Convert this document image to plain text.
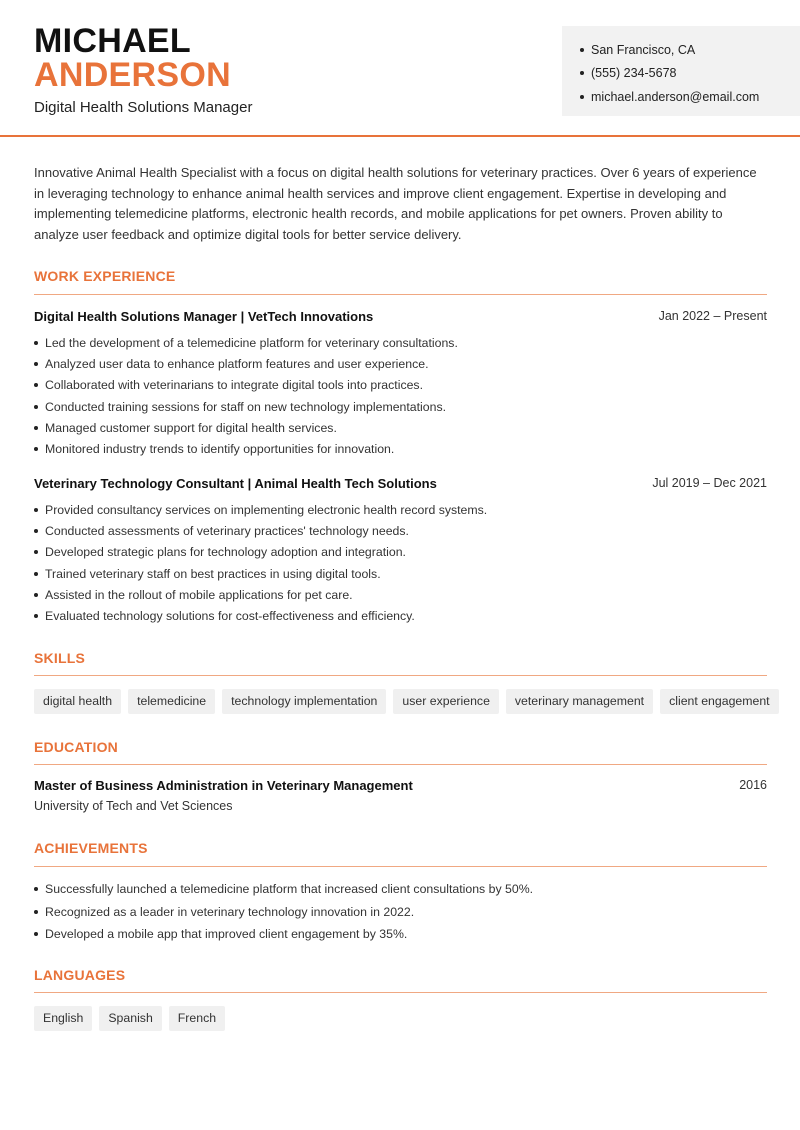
MICHAEL
ANDERSON
Digital Health Solutions Manager
San Francisco, CA
(555) 234-5678
michael.anderson@email.com
Innovative Animal Health Specialist with a focus on digital health solutions for veterinary practices. Over 6 years of experience in leveraging technology to enhance animal health services and improve client engagement. Expertise in developing and implementing telemedicine platforms, electronic health records, and mobile applications for pet owners. Proven ability to analyze user feedback and optimize digital tools for better service delivery.
WORK EXPERIENCE
Digital Health Solutions Manager | VetTech Innovations	Jan 2022 – Present
Led the development of a telemedicine platform for veterinary consultations.
Analyzed user data to enhance platform features and user experience.
Collaborated with veterinarians to integrate digital tools into practices.
Conducted training sessions for staff on new technology implementations.
Managed customer support for digital health services.
Monitored industry trends to identify opportunities for innovation.
Veterinary Technology Consultant | Animal Health Tech Solutions	Jul 2019 – Dec 2021
Provided consultancy services on implementing electronic health record systems.
Conducted assessments of veterinary practices' technology needs.
Developed strategic plans for technology adoption and integration.
Trained veterinary staff on best practices in using digital tools.
Assisted in the rollout of mobile applications for pet care.
Evaluated technology solutions for cost-effectiveness and efficiency.
SKILLS
digital health	telemedicine	technology implementation	user experience	veterinary management	client engagement
EDUCATION
Master of Business Administration in Veterinary Management	2016
University of Tech and Vet Sciences
ACHIEVEMENTS
Successfully launched a telemedicine platform that increased client consultations by 50%.
Recognized as a leader in veterinary technology innovation in 2022.
Developed a mobile app that improved client engagement by 35%.
LANGUAGES
English	Spanish	French
